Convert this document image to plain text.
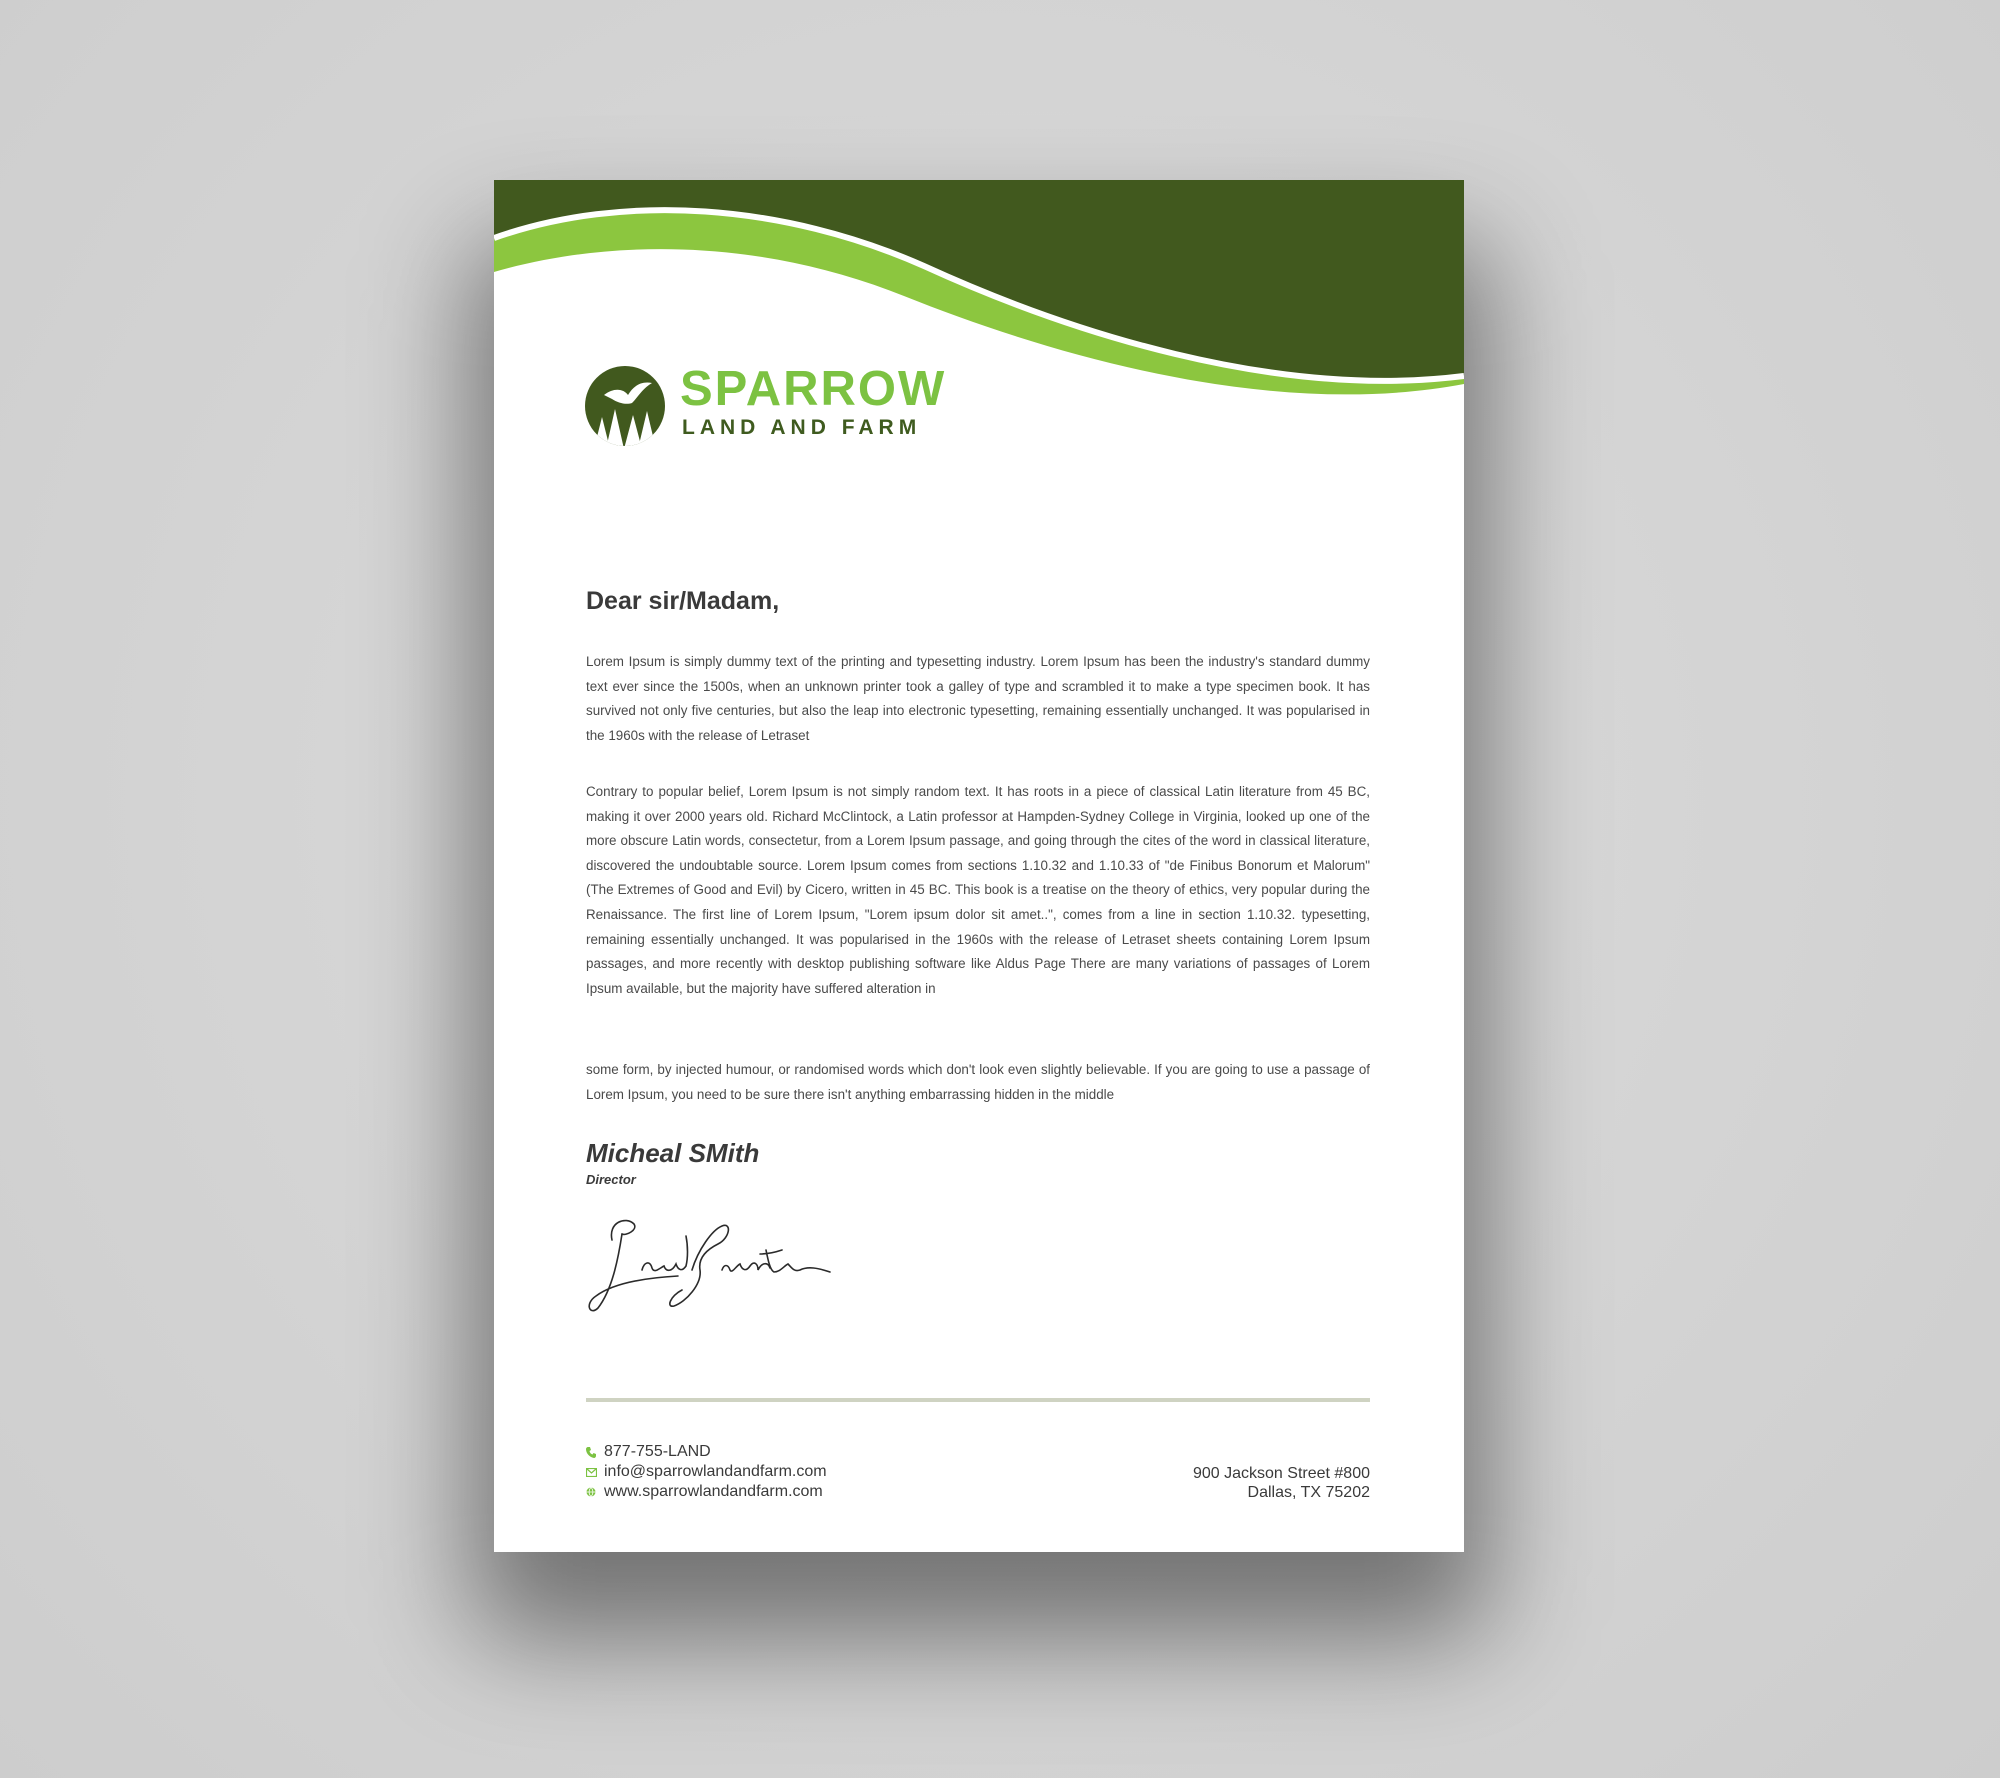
SPARROW
LAND AND FARM
Dear sir/Madam,

Lorem Ipsum is simply dummy text of the printing and typesetting industry. Lorem Ipsum has been the industry's standard dummy text ever since the 1500s, when an unknown printer took a galley of type and scrambled it to make a type specimen book. It has survived not only five centuries, but also the leap into electronic typesetting, remaining essentially unchanged. It was popularised in the 1960s with the release of Letraset

Contrary to popular belief, Lorem Ipsum is not simply random text. It has roots in a piece of classical Latin literature from 45 BC, making it over 2000 years old. Richard McClintock, a Latin professor at Hampden-Sydney College in Virginia, looked up one of the more obscure Latin words, consectetur, from a Lorem Ipsum passage, and going through the cites of the word in classical literature, discovered the undoubtable source. Lorem Ipsum comes from sections 1.10.32 and 1.10.33 of "de Finibus Bonorum et Malorum" (The Extremes of Good and Evil) by Cicero, written in 45 BC. This book is a treatise on the theory of ethics, very popular during the Renaissance. The first line of Lorem Ipsum, "Lorem ipsum dolor sit amet..", comes from a line in section 1.10.32. typesetting, remaining essentially unchanged. It was popularised in the 1960s with the release of Letraset sheets containing Lorem Ipsum passages, and more recently with desktop publishing software like Aldus Page There are many variations of passages of Lorem Ipsum available, but the majority have suffered alteration in

some form, by injected humour, or randomised words which don't look even slightly believable. If you are going to use a passage of Lorem Ipsum, you need to be sure there isn't anything embarrassing hidden in the middle

Micheal SMith
Director
877-755-LAND
info@sparrowlandandfarm.com
www.sparrowlandandfarm.com
900 Jackson Street #800
Dallas, TX 75202
